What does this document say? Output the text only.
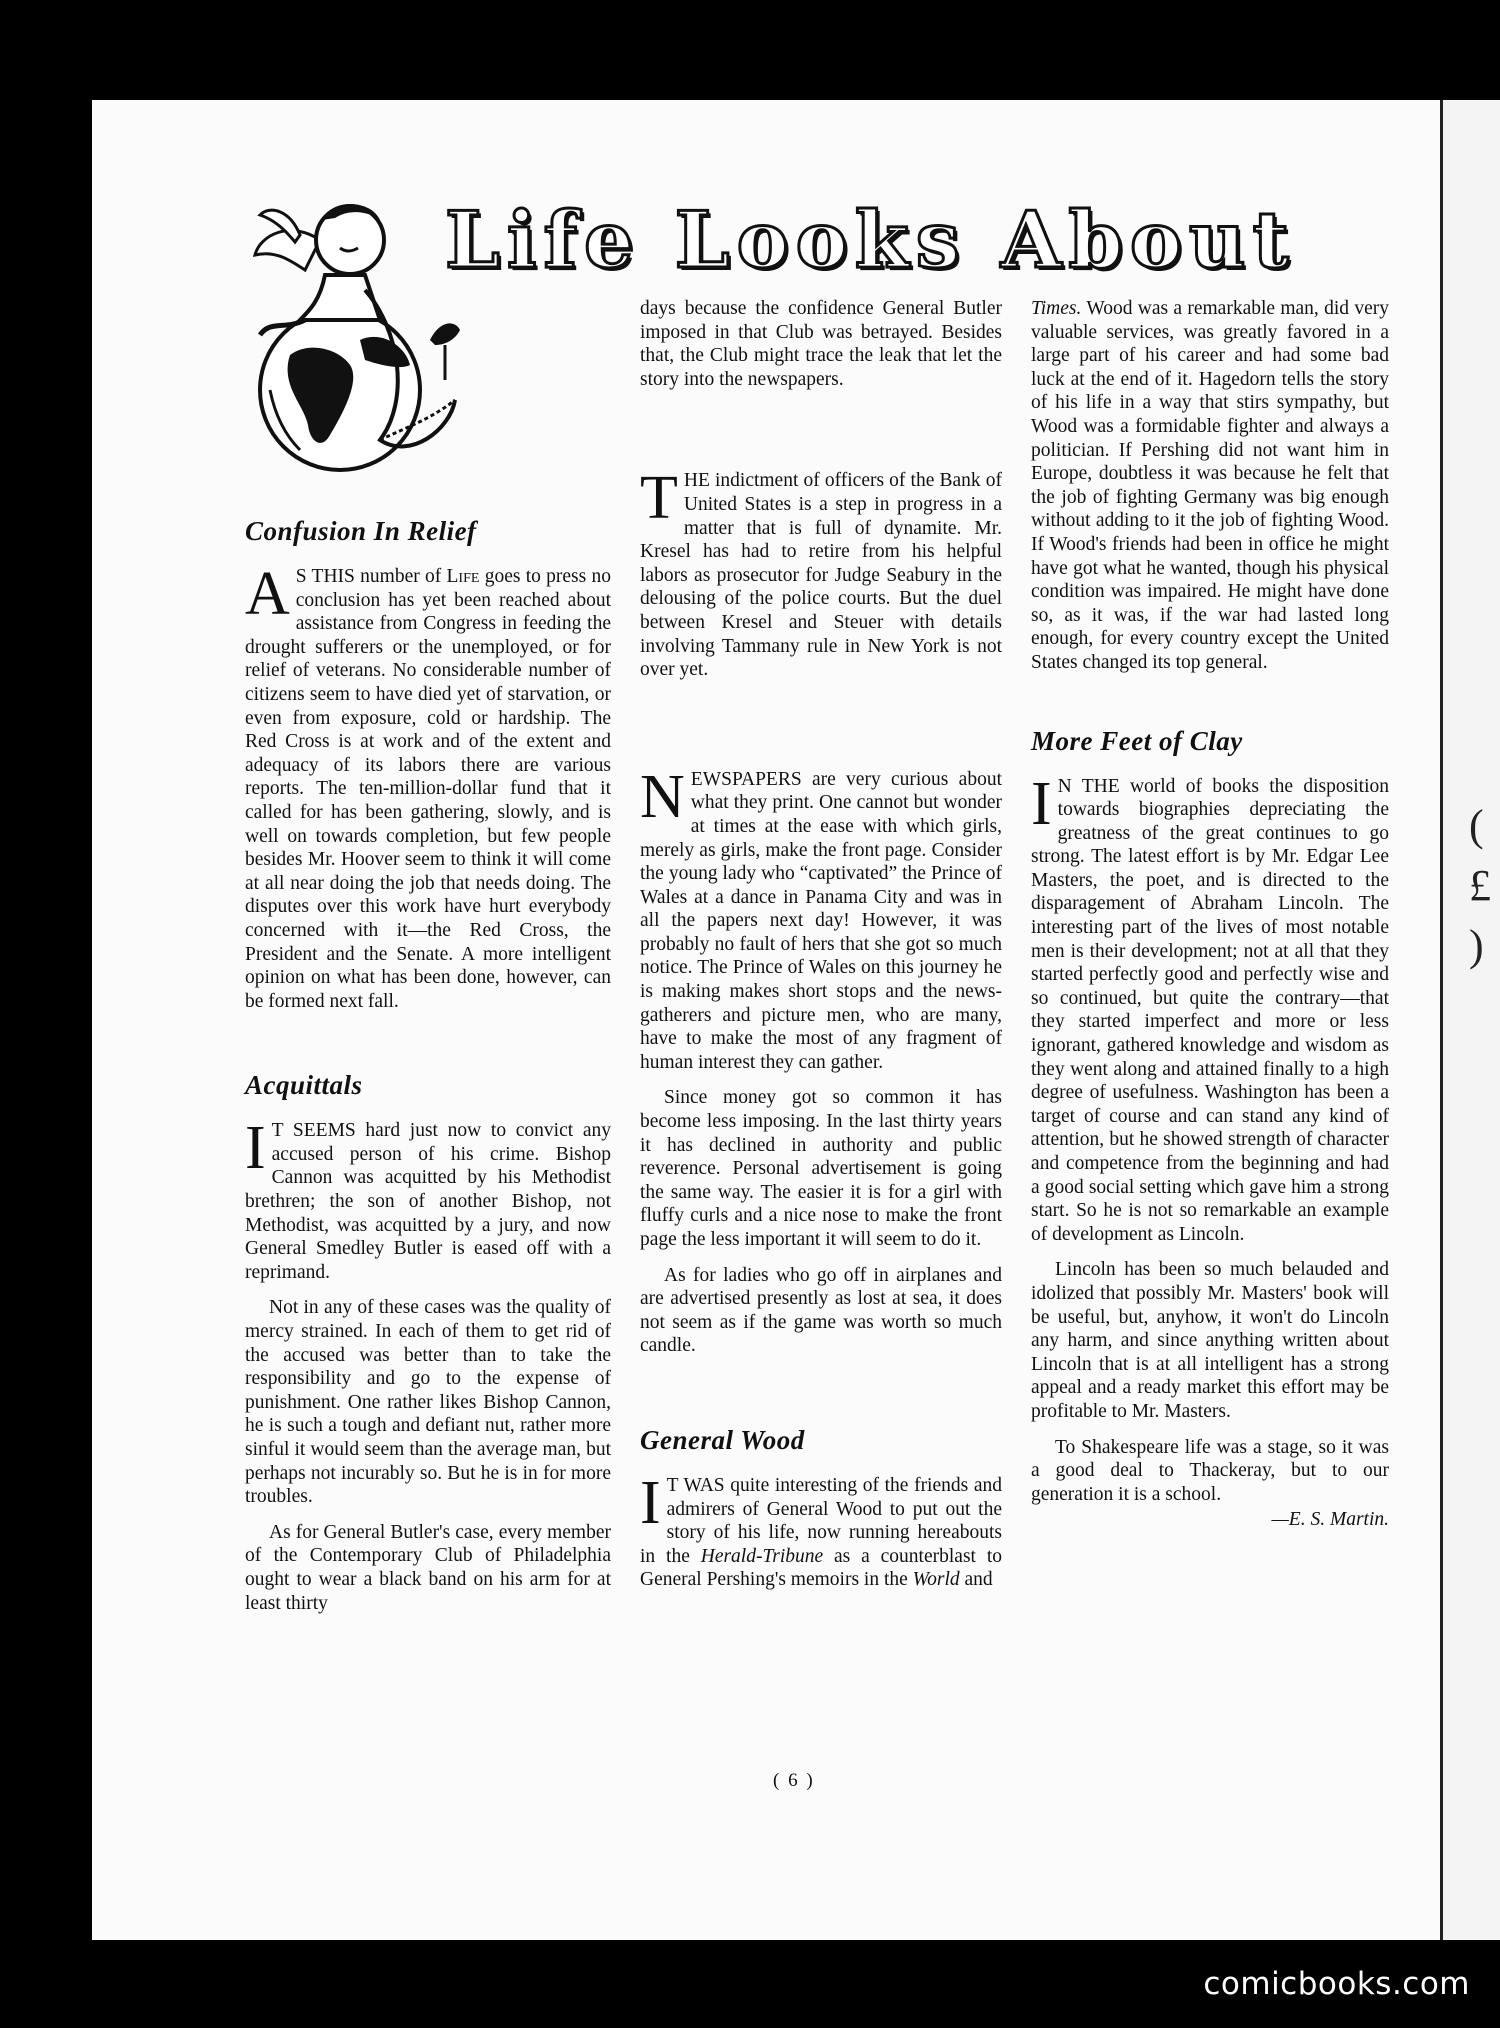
(
£
)
Life Looks About
Confusion In Relief

A S THIS number of Life goes to press no conclusion has yet been reached about assistance from Congress in feeding the drought sufferers or the unemployed, or for relief of veterans. No considerable number of citizens seem to have died yet of starvation, or even from exposure, cold or hardship. The Red Cross is at work and of the extent and adequacy of its labors there are various reports. The ten-million-dollar fund that it called for has been gathering, slowly, and is well on towards completion, but few people besides Mr. Hoover seem to think it will come at all near doing the job that needs doing. The disputes over this work have hurt everybody concerned with it—the Red Cross, the President and the Senate. A more intelligent opinion on what has been done, however, can be formed next fall.

Acquittals

I T SEEMS hard just now to convict any accused person of his crime. Bishop Cannon was acquitted by his Methodist brethren; the son of another Bishop, not Methodist, was acquitted by a jury, and now General Smedley Butler is eased off with a reprimand.

Not in any of these cases was the quality of mercy strained. In each of them to get rid of the accused was better than to take the responsibility and go to the expense of punishment. One rather likes Bishop Cannon, he is such a tough and defiant nut, rather more sinful it would seem than the average man, but perhaps not incurably so. But he is in for more troubles.

As for General Butler's case, every member of the Contemporary Club of Philadelphia ought to wear a black band on his arm for at least thirty

days because the confidence General Butler imposed in that Club was betrayed. Besides that, the Club might trace the leak that let the story into the newspapers.

THE indictment of officers of the Bank of United States is a step in progress in a matter that is full of dynamite. Mr. Kresel has had to retire from his helpful labors as prosecutor for Judge Seabury in the delousing of the police courts. But the duel between Kresel and Steuer with details involving Tammany rule in New York is not over yet.

NEWSPAPERS are very curious about what they print. One cannot but wonder at times at the ease with which girls, merely as girls, make the front page. Consider the young lady who “captivated” the Prince of Wales at a dance in Panama City and was in all the papers next day! However, it was probably no fault of hers that she got so much notice. The Prince of Wales on this journey he is making makes short stops and the news-gatherers and picture men, who are many, have to make the most of any fragment of human interest they can gather.

Since money got so common it has become less imposing. In the last thirty years it has declined in authority and public reverence. Personal advertisement is going the same way. The easier it is for a girl with fluffy curls and a nice nose to make the front page the less important it will seem to do it.

As for ladies who go off in airplanes and are advertised presently as lost at sea, it does not seem as if the game was worth so much candle.

General Wood

I T WAS quite interesting of the friends and admirers of General Wood to put out the story of his life, now running hereabouts in the Herald-Tribune as a counterblast to General Pershing's memoirs in the World and

Times. Wood was a remarkable man, did very valuable services, was greatly favored in a large part of his career and had some bad luck at the end of it. Hagedorn tells the story of his life in a way that stirs sympathy, but Wood was a formidable fighter and always a politician. If Pershing did not want him in Europe, doubtless it was because he felt that the job of fighting Germany was big enough without adding to it the job of fighting Wood. If Wood's friends had been in office he might have got what he wanted, though his physical condition was impaired. He might have done so, as it was, if the war had lasted long enough, for every country except the United States changed its top general.

More Feet of Clay

I N THE world of books the disposition towards biographies depreciating the greatness of the great continues to go strong. The latest effort is by Mr. Edgar Lee Masters, the poet, and is directed to the disparagement of Abraham Lincoln. The interesting part of the lives of most notable men is their development; not at all that they started perfectly good and perfectly wise and so continued, but quite the contrary—that they started imperfect and more or less ignorant, gathered knowledge and wisdom as they went along and attained finally to a high degree of usefulness. Washington has been a target of course and can stand any kind of attention, but he showed strength of character and competence from the beginning and had a good social setting which gave him a strong start. So he is not so remarkable an example of development as Lincoln.

Lincoln has been so much belauded and idolized that possibly Mr. Masters' book will be useful, but, anyhow, it won't do Lincoln any harm, and since anything written about Lincoln that is at all intelligent has a strong appeal and a ready market this effort may be profitable to Mr. Masters.

To Shakespeare life was a stage, so it was a good deal to Thackeray, but to our generation it is a school.

—E. S. Martin.
( 6 )
comicbooks.com
